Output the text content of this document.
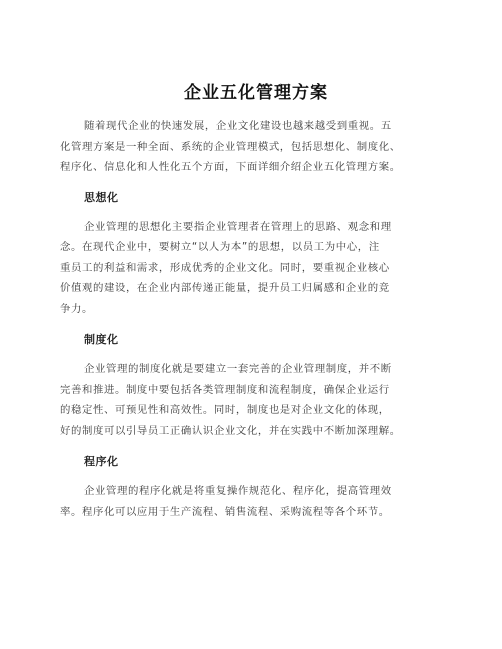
企业五化管理方案

随着现代企业的快速发展，企业文化建设也越来越受到重视。五
化管理方案是一种全面、系统的企业管理模式，包括思想化、制度化、
程序化、信息化和人性化五个方面，下面详细介绍企业五化管理方案。

思想化

企业管理的思想化主要指企业管理者在管理上的思路、观念和理
念。在现代企业中，要树立“以人为本”的思想，以员工为中心，注
重员工的利益和需求，形成优秀的企业文化。同时，要重视企业核心
价值观的建设，在企业内部传递正能量，提升员工归属感和企业的竞
争力。

制度化

企业管理的制度化就是要建立一套完善的企业管理制度，并不断
完善和推进。制度中要包括各类管理制度和流程制度，确保企业运行
的稳定性、可预见性和高效性。同时，制度也是对企业文化的体现，
好的制度可以引导员工正确认识企业文化，并在实践中不断加深理解。

程序化

企业管理的程序化就是将重复操作规范化、程序化，提高管理效
率。程序化可以应用于生产流程、销售流程、采购流程等各个环节。
